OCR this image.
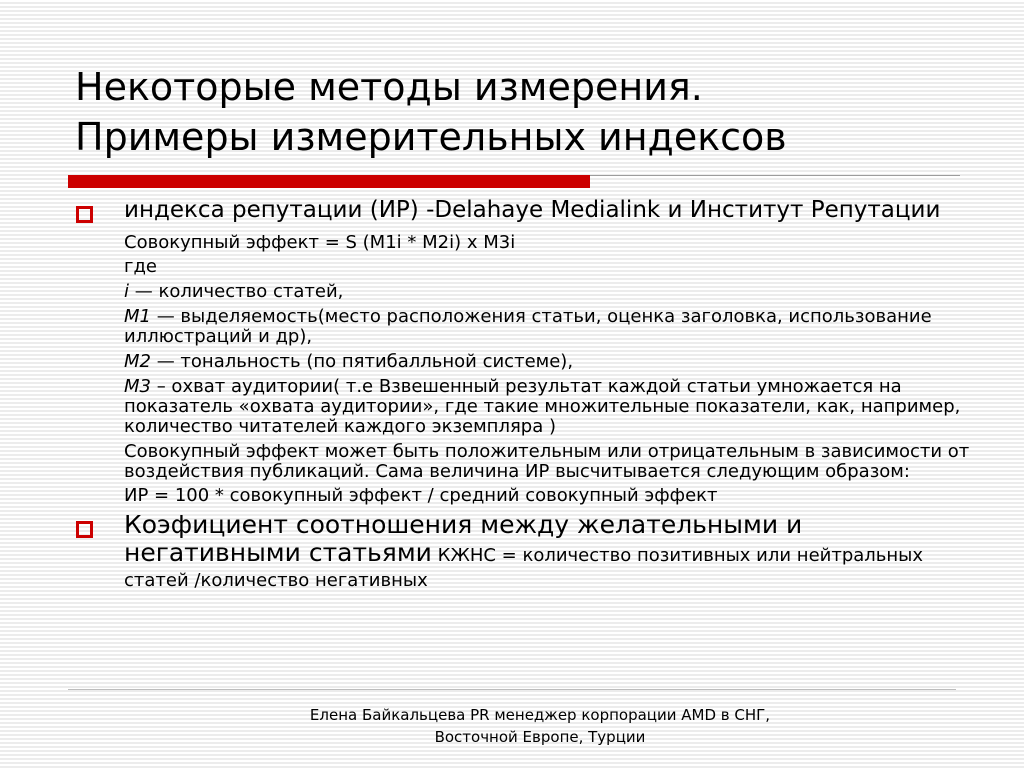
Некоторые методы измерения.
Примеры измерительных индексов
индекса репутации (ИР) -Delahaye Medialink и Институт Репутации
Совокупный эффект = S (M1i * M2i) x M3i
где
i — количество статей,
M1 — выделяемость(место расположения статьи, оценка заголовка, использование иллюстраций и др),
M2 — тональность (по пятибалльной системе),
M3 – охват аудитории( т.е Взвешенный результат каждой статьи умножается на показатель «охвата аудитории», где такие множительные показатели, как, например, количество читателей каждого экземпляра )
Совокупный эффект может быть положительным или отрицательным в зависимости от воздействия публикаций. Сама величина ИР высчитывается следующим образом:
ИР = 100 * совокупный эффект / средний совокупный эффект
Коэфициент соотношения между желательными и негативными статьями КЖНС = количество позитивных или нейтральных статей /количество негативных
Елена Байкальцева PR менеджер корпорации AMD в СНГ,
Восточной Европе, Турции
